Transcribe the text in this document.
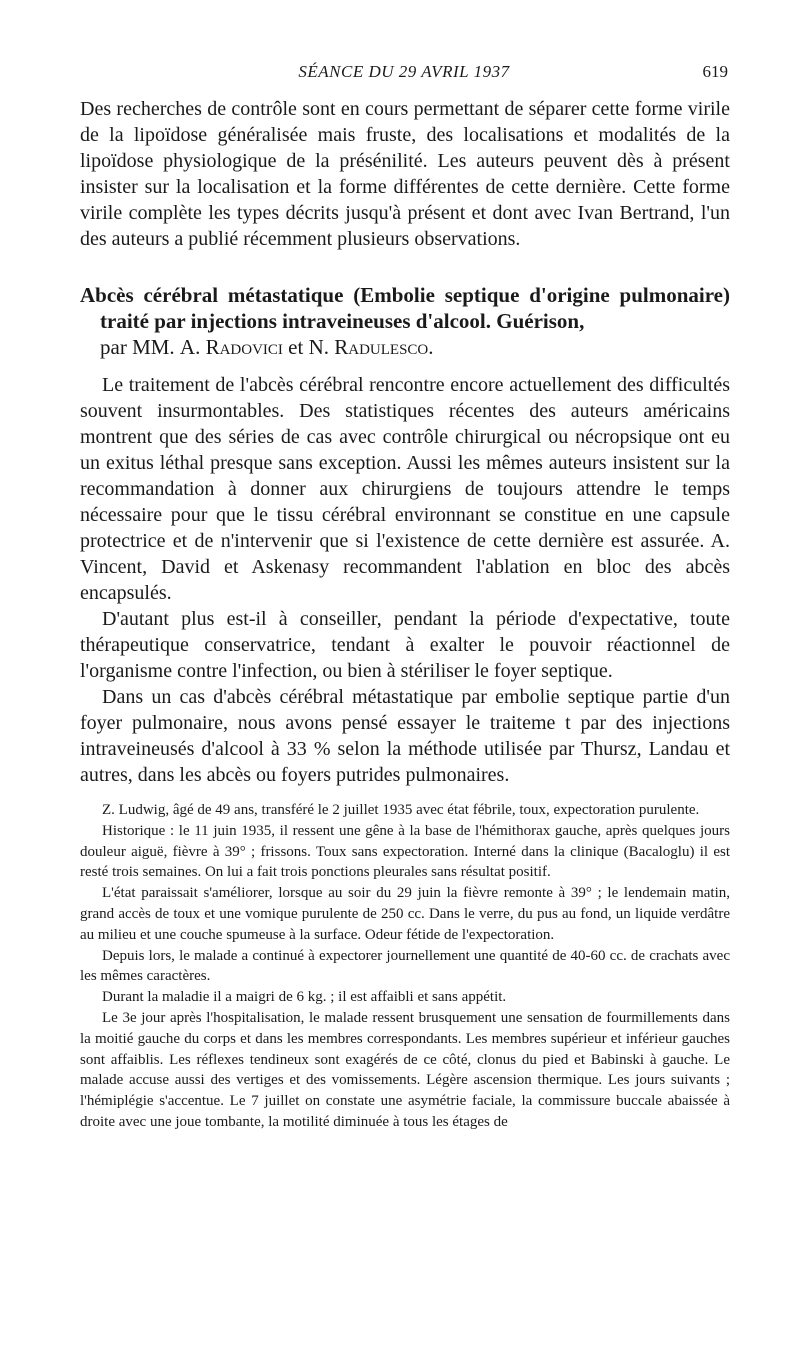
SÉANCE DU 29 AVRIL 1937	619

Des recherches de contrôle sont en cours permettant de séparer cette forme virile de la lipoïdose généralisée mais fruste, des localisations et modalités de la lipoïdose physiologique de la présénilité. Les auteurs peuvent dès à présent insister sur la localisation et la forme différentes de cette dernière. Cette forme virile complète les types décrits jusqu'à présent et dont avec Ivan Bertrand, l'un des auteurs a publié récemment plusieurs observations.

Abcès cérébral métastatique (Embolie septique d'origine pulmonaire) traité par injections intraveineuses d'alcool. Guérison,
par MM. A. Radovici et N. Radulesco.

Le traitement de l'abcès cérébral rencontre encore actuellement des difficultés souvent insurmontables. Des statistiques récentes des auteurs américains montrent que des séries de cas avec contrôle chirurgical ou nécropsique ont eu un exitus léthal presque sans exception. Aussi les mêmes auteurs insistent sur la recommandation à donner aux chirurgiens de toujours attendre le temps nécessaire pour que le tissu cérébral environnant se constitue en une capsule protectrice et de n'intervenir que si l'existence de cette dernière est assurée. A. Vincent, David et Askenasy recommandent l'ablation en bloc des abcès encapsulés.

D'autant plus est-il à conseiller, pendant la période d'expectative, toute thérapeutique conservatrice, tendant à exalter le pouvoir réactionnel de l'organisme contre l'infection, ou bien à stériliser le foyer septique.

Dans un cas d'abcès cérébral métastatique par embolie septique partie d'un foyer pulmonaire, nous avons pensé essayer le traiteme t par des injections intraveineusés d'alcool à 33 % selon la méthode utilisée par Thursz, Landau et autres, dans les abcès ou foyers putrides pulmonaires.

Z. Ludwig, âgé de 49 ans, transféré le 2 juillet 1935 avec état fébrile, toux, expectoration purulente.

Historique : le 11 juin 1935, il ressent une gêne à la base de l'hémithorax gauche, après quelques jours douleur aiguë, fièvre à 39° ; frissons. Toux sans expectoration. Interné dans la clinique (Bacaloglu) il est resté trois semaines. On lui a fait trois ponctions pleurales sans résultat positif.

L'état paraissait s'améliorer, lorsque au soir du 29 juin la fièvre remonte à 39° ; le lendemain matin, grand accès de toux et une vomique purulente de 250 cc. Dans le verre, du pus au fond, un liquide verdâtre au milieu et une couche spumeuse à la surface. Odeur fétide de l'expectoration.

Depuis lors, le malade a continué à expectorer journellement une quantité de 40-60 cc. de crachats avec les mêmes caractères.

Durant la maladie il a maigri de 6 kg. ; il est affaibli et sans appétit.

Le 3e jour après l'hospitalisation, le malade ressent brusquement une sensation de fourmillements dans la moitié gauche du corps et dans les membres correspondants. Les membres supérieur et inférieur gauches sont affaiblis. Les réflexes tendineux sont exagérés de ce côté, clonus du pied et Babinski à gauche. Le malade accuse aussi des vertiges et des vomissements. Légère ascension thermique. Les jours suivants ; l'hémiplégie s'accentue. Le 7 juillet on constate une asymétrie faciale, la commissure buccale abaissée à droite avec une joue tombante, la motilité diminuée à tous les étages de
